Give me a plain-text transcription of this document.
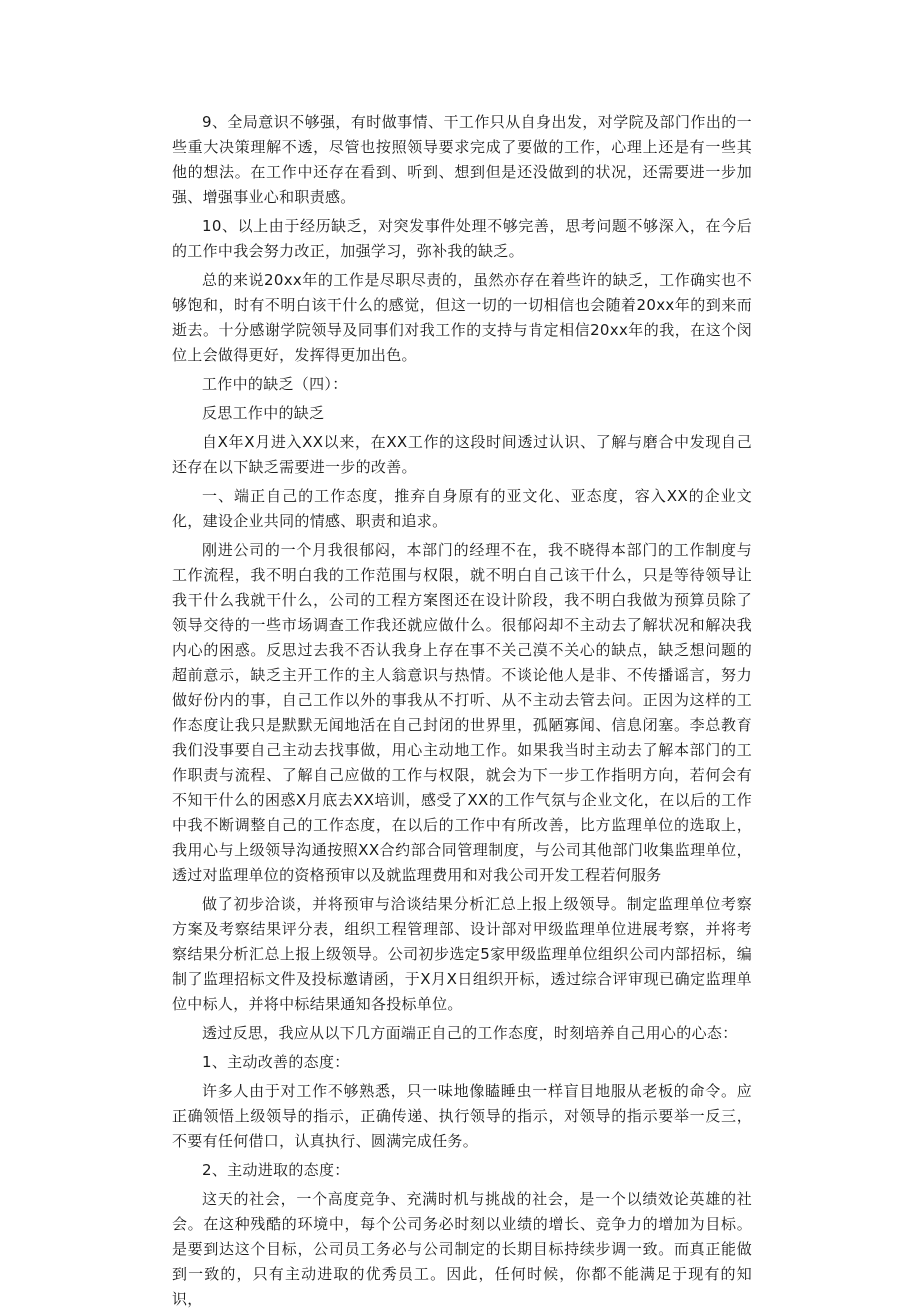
9、全局意识不够强，有时做事情、干工作只从自身出发，对学院及部门作出的一些重大决策理解不透，尽管也按照领导要求完成了要做的工作，心理上还是有一些其他的想法。在工作中还存在看到、听到、想到但是还没做到的状况，还需要进一步加强、增强事业心和职责感。

10、以上由于经历缺乏，对突发事件处理不够完善，思考问题不够深入，在今后的工作中我会努力改正，加强学习，弥补我的缺乏。

总的来说20xx年的工作是尽职尽责的，虽然亦存在着些许的缺乏，工作确实也不够饱和，时有不明白该干什么的感觉，但这一切的一切相信也会随着20xx年的到来而逝去。十分感谢学院领导及同事们对我工作的支持与肯定相信20xx年的我，在这个闵位上会做得更好，发挥得更加出色。

工作中的缺乏（四）：

反思工作中的缺乏

自X年X月进入XX以来，在XX工作的这段时间透过认识、了解与磨合中发现自己还存在以下缺乏需要进一步的改善。

一、端正自己的工作态度，推弃自身原有的亚文化、亚态度，容入XX的企业文化，建设企业共同的情感、职责和追求。

刚进公司的一个月我很郁闷，本部门的经理不在，我不晓得本部门的工作制度与工作流程，我不明白我的工作范围与权限，就不明白自己该干什么，只是等待领导让我干什么我就干什么，公司的工程方案图还在设计阶段，我不明白我做为预算员除了领导交待的一些市场调查工作我还就应做什么。很郁闷却不主动去了解状况和解决我内心的困惑。反思过去我不否认我身上存在事不关己漠不关心的缺点，缺乏想问题的超前意示，缺乏主开工作的主人翁意识与热情。不谈论他人是非、不传播谣言，努力做好份内的事，自己工作以外的事我从不打听、从不主动去管去问。正因为这样的工作态度让我只是默默无闻地活在自己封闭的世界里，孤陋寡闻、信息闭塞。李总教育我们没事要自己主动去找事做，用心主动地工作。如果我当时主动去了解本部门的工作职责与流程、了解自己应做的工作与权限，就会为下一步工作指明方向，若何会有不知干什么的困惑X月底去XX培训，感受了XX的工作气氛与企业文化，在以后的工作中我不断调整自己的工作态度，在以后的工作中有所改善，比方监理单位的选取上，我用心与上级领导沟通按照XX合约部合同管理制度，与公司其他部门收集监理单位，透过对监理单位的资格预审以及就监理费用和对我公司开发工程若何服务

做了初步洽谈，并将预审与洽谈结果分析汇总上报上级领导。制定监理单位考察方案及考察结果评分表，组织工程管理部、设计部对甲级监理单位进展考察，并将考察结果分析汇总上报上级领导。公司初步选定5家甲级监理单位组织公司内部招标，编制了监理招标文件及投标邀请函，于X月X日组织开标，透过综合评审现已确定监理单位中标人，并将中标结果通知各投标单位。

透过反思，我应从以下几方面端正自己的工作态度，时刻培养自己用心的心态：

1、主动改善的态度：

许多人由于对工作不够熟悉，只一味地像瞌睡虫一样盲目地服从老板的命令。应正确领悟上级领导的指示，正确传递、执行领导的指示，对领导的指示要举一反三，不要有任何借口，认真执行、圆满完成任务。

2、主动进取的态度：

这天的社会，一个高度竞争、充满时机与挑战的社会，是一个以绩效论英雄的社会。在这种残酷的环境中，每个公司务必时刻以业绩的增长、竞争力的增加为目标。是要到达这个目标，公司员工务必与公司制定的长期目标持续步调一致。而真正能做到一致的，只有主动进取的优秀员工。因此，任何时候，你都不能满足于现有的知识，
